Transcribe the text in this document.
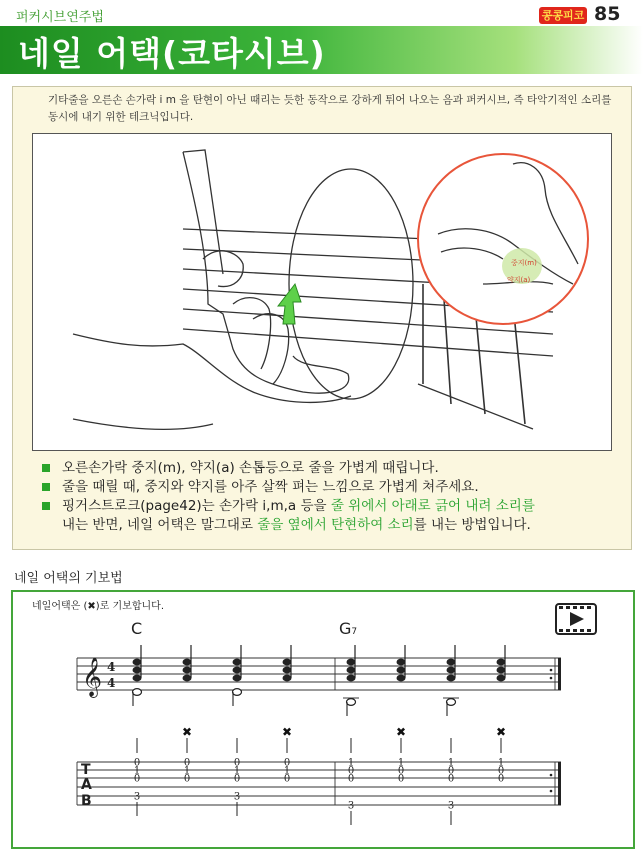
퍼커시브연주법	콩콩피코 85
네일 어택(코타시브)
기타줄을 오른손 손가락 i m 을 탄현이 아닌 때리는 듯한 동작으로 강하게 튀어 나오는 음과 퍼커시브, 즉 타악기적인 소리를 동시에 내기 위한 테크닉입니다.
중지(m)
약지(a)
오른손가락 중지(m), 약지(a) 손톱등으로 줄을 가볍게 때립니다.
줄을 때릴 때, 중지와 약지를 아주 살짝 펴는 느낌으로 가볍게 쳐주세요.
핑거스트로크(page42)는 손가락 i,m,a 등을 줄 위에서 아래로 긁어 내려 소리를
내는 반면, 네일 어택은 말그대로 줄을 옆에서 탄현하여 소리를 내는 방법입니다.
네일 어택의 기보법
네일어택은 (✖)로 기보합니다.
C	G7
𝄞 4
4
T
A
B
0
1
0
3
0
1
0
✖
0
1
0
3
0
1
0
✖
1
0
0
3
1
0
0
✖
1
0
0
3
1
0
0
✖
